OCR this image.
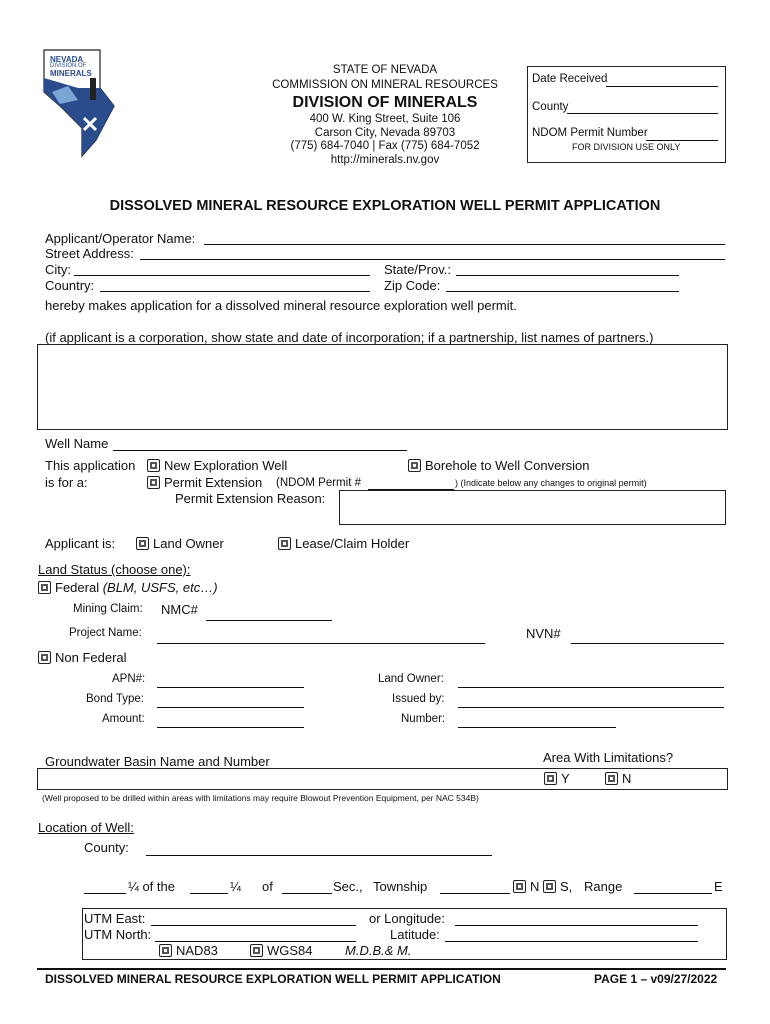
NEVADA
DIVISION OF
MINERALS	STATE OF NEVADA
COMMISSION ON MINERAL RESOURCES
DIVISION OF MINERALS
400 W. King Street, Suite 106
Carson City, Nevada 89703
(775) 684-7040 | Fax (775) 684-7052
http://minerals.nv.gov
Date Received
County
NDOM Permit Number
FOR DIVISION USE ONLY
DISSOLVED MINERAL RESOURCE EXPLORATION WELL PERMIT APPLICATION
Applicant/Operator Name:
Street Address:
City:	State/Prov.:
Country:	Zip Code:
hereby makes application for a dissolved mineral resource exploration well permit.
(if applicant is a corporation, show state and date of incorporation; if a partnership, list names of partners.)
Well Name
This application
is for a:
New Exploration Well	Borehole to Well Conversion
Permit Extension (NDOM Permit #	) (Indicate below any changes to original permit)
Permit Extension Reason:
Applicant is:	Land Owner	Lease/Claim Holder
Land Status (choose one):
Federal (BLM, USFS, etc…)
Mining Claim: NMC#
Project Name:	NVN#
Non Federal
APN#:	Land Owner:
Bond Type:	Issued by:
Amount:	Number:
Groundwater Basin Name and Number	Area With Limitations?
Y	N
(Well proposed to be drilled within areas with limitations may require Blowout Prevention Equipment, per NAC 534B)
Location of Well:
County:
¼ of the	¼ of	Sec., Township	N	S, Range	E
UTM East:	or Longitude:
UTM North:	Latitude:
NAD83	WGS84 M.D.B.& M.
DISSOLVED MINERAL RESOURCE EXPLORATION WELL PERMIT APPLICATION	PAGE 1 – v09/27/2022
